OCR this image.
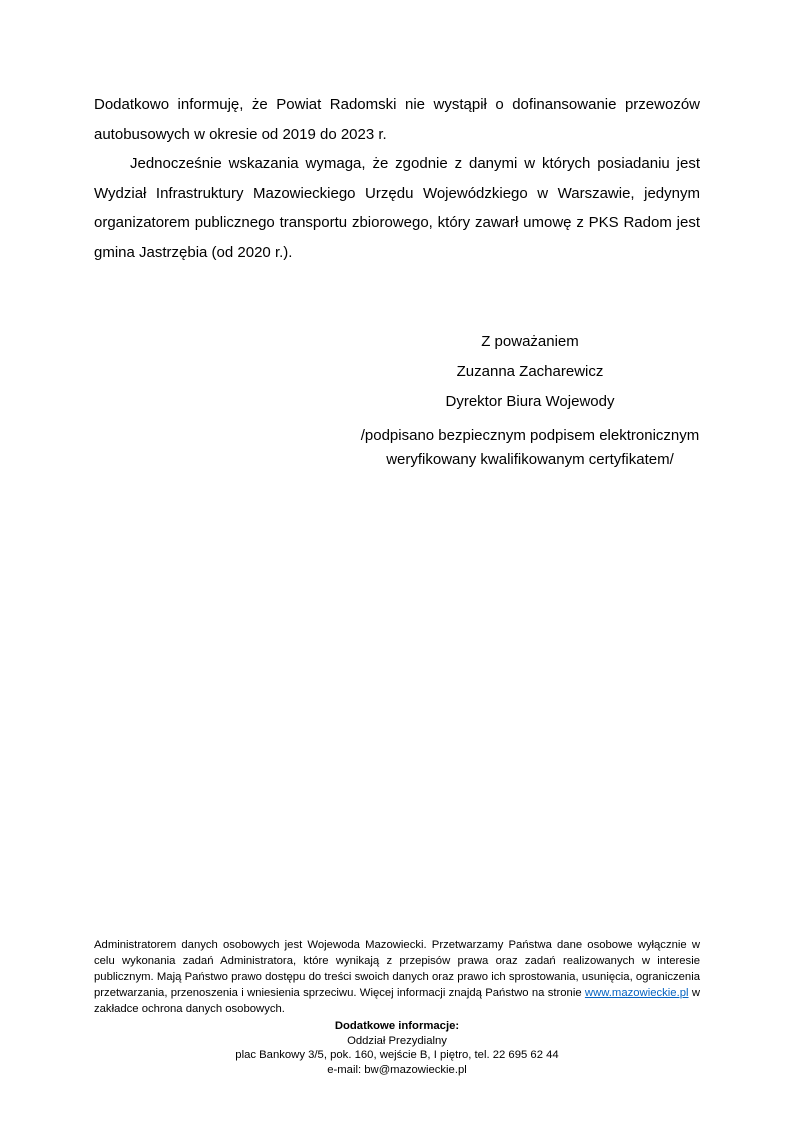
Dodatkowo informuję, że Powiat Radomski nie wystąpił o dofinansowanie przewozów autobusowych w okresie od 2019 do 2023 r.

Jednocześnie wskazania wymaga, że zgodnie z danymi w których posiadaniu jest Wydział Infrastruktury Mazowieckiego Urzędu Wojewódzkiego w Warszawie, jedynym organizatorem publicznego transportu zbiorowego, który zawarł umowę z PKS Radom jest gmina Jastrzębia (od 2020 r.).

Z poważaniem
Zuzanna Zacharewicz
Dyrektor Biura Wojewody
/podpisano bezpiecznym podpisem elektronicznym
weryfikowany kwalifikowanym certyfikatem/

Administratorem danych osobowych jest Wojewoda Mazowiecki. Przetwarzamy Państwa dane osobowe wyłącznie w celu wykonania zadań Administratora, które wynikają z przepisów prawa oraz zadań realizowanych w interesie publicznym. Mają Państwo prawo dostępu do treści swoich danych oraz prawo ich sprostowania, usunięcia, ograniczenia przetwarzania, przenoszenia i wniesienia sprzeciwu. Więcej informacji znajdą Państwo na stronie www.mazowieckie.pl w zakładce ochrona danych osobowych.

Dodatkowe informacje:
Oddział Prezydialny
plac Bankowy 3/5, pok. 160, wejście B, I piętro, tel. 22 695 62 44
e-mail: bw@mazowieckie.pl
